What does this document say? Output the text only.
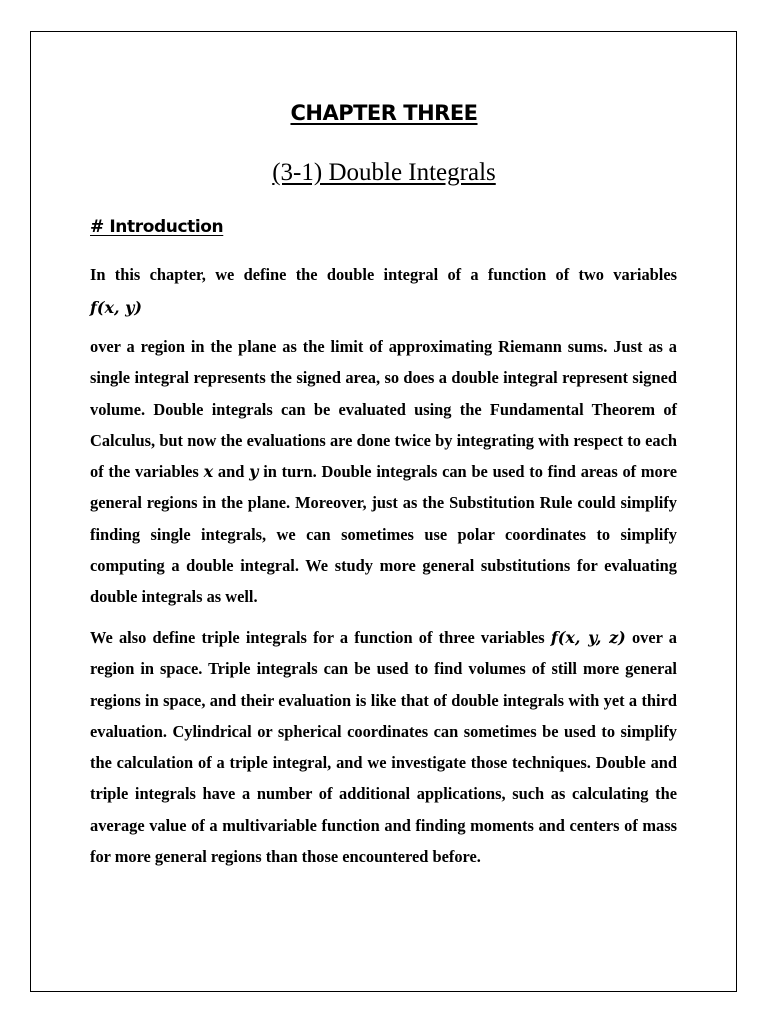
CHAPTER THREE
(3-1) Double Integrals
# Introduction
In this chapter, we define the double integral of a function of two variables
f(x, y)
over a region in the plane as the limit of approximating Riemann sums. Just as a single integral represents the signed area, so does a double integral represent signed volume. Double integrals can be evaluated using the Fundamental Theorem of Calculus, but now the evaluations are done twice by integrating with respect to each of the variables x and y in turn. Double integrals can be used to find areas of more general regions in the plane. Moreover, just as the Substitution Rule could simplify finding single integrals, we can sometimes use polar coordinates to simplify computing a double integral. We study more general substitutions for evaluating double integrals as well.
We also define triple integrals for a function of three variables f(x, y, z) over a region in space. Triple integrals can be used to find volumes of still more general regions in space, and their evaluation is like that of double integrals with yet a third evaluation. Cylindrical or spherical coordinates can sometimes be used to simplify the calculation of a triple integral, and we investigate those techniques. Double and triple integrals have a number of additional applications, such as calculating the average value of a multivariable function and finding moments and centers of mass for more general regions than those encountered before.
